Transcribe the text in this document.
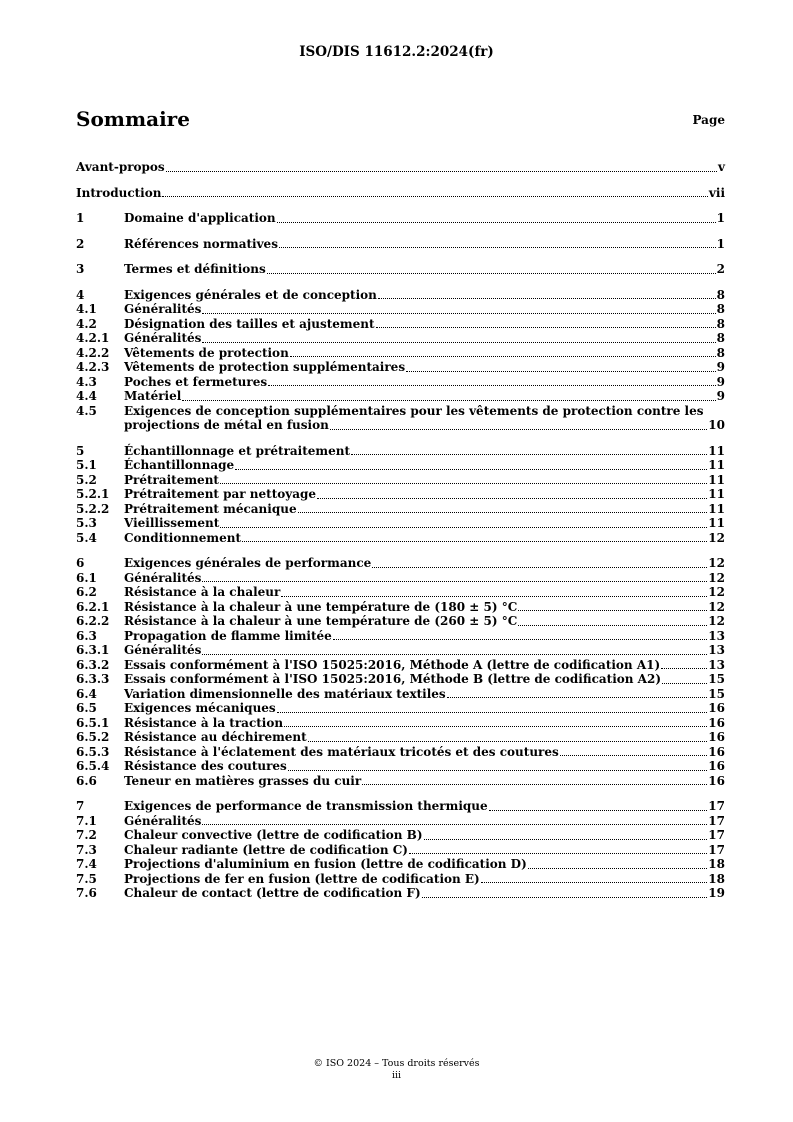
ISO/DIS 11612.2:2024(fr)
Sommaire	Page
Avant-propos	v
Introduction	vii
1	Domaine d'application	1
2	Références normatives	1
3	Termes et définitions	2
4	Exigences générales et de conception	8
4.1	Généralités	8
4.2	Désignation des tailles et ajustement	8
4.2.1	Généralités	8
4.2.2	Vêtements de protection	8
4.2.3	Vêtements de protection supplémentaires	9
4.3	Poches et fermetures	9
4.4	Matériel	9
4.5	Exigences de conception supplémentaires pour les vêtements de protection contre les
projections de métal en fusion	10
5	Échantillonnage et prétraitement	11
5.1	Échantillonnage	11
5.2	Prétraitement	11
5.2.1	Prétraitement par nettoyage	11
5.2.2	Prétraitement mécanique	11
5.3	Vieillissement	11
5.4	Conditionnement	12
6	Exigences générales de performance	12
6.1	Généralités	12
6.2	Résistance à la chaleur	12
6.2.1	Résistance à la chaleur à une température de (180 ± 5) °C	12
6.2.2	Résistance à la chaleur à une température de (260 ± 5) °C	12
6.3	Propagation de flamme limitée	13
6.3.1	Généralités	13
6.3.2	Essais conformément à l'ISO 15025:2016, Méthode A (lettre de codification A1)	13
6.3.3	Essais conformément à l'ISO 15025:2016, Méthode B (lettre de codification A2)	15
6.4	Variation dimensionnelle des matériaux textiles	15
6.5	Exigences mécaniques	16
6.5.1	Résistance à la traction	16
6.5.2	Résistance au déchirement	16
6.5.3	Résistance à l'éclatement des matériaux tricotés et des coutures	16
6.5.4	Résistance des coutures	16
6.6	Teneur en matières grasses du cuir	16
7	Exigences de performance de transmission thermique	17
7.1	Généralités	17
7.2	Chaleur convective (lettre de codification B)	17
7.3	Chaleur radiante (lettre de codification C)	17
7.4	Projections d'aluminium en fusion (lettre de codification D)	18
7.5	Projections de fer en fusion (lettre de codification E)	18
7.6	Chaleur de contact (lettre de codification F)	19
© ISO 2024 – Tous droits réservés
iii
